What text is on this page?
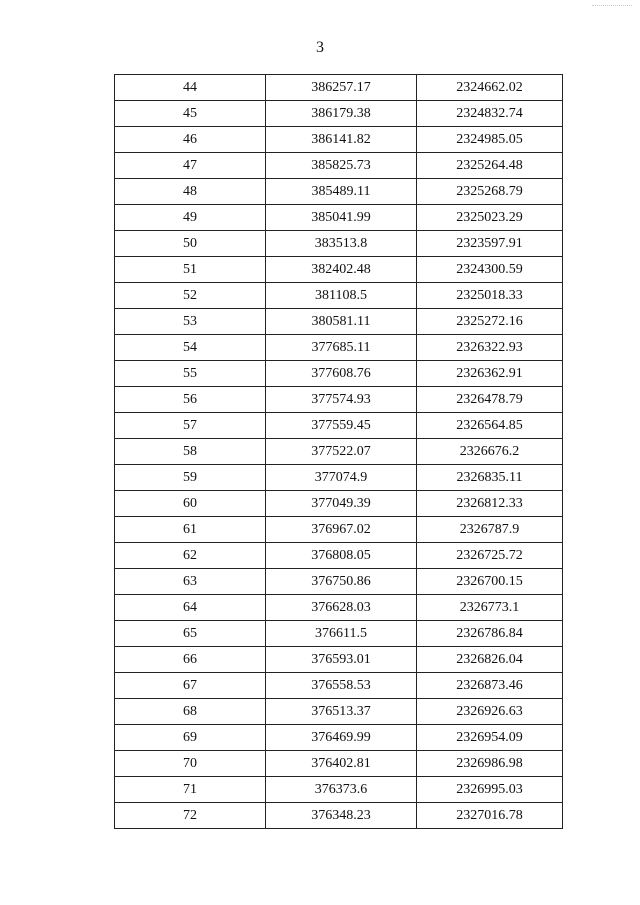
3
44	386257.17	2324662.02
45	386179.38	2324832.74
46	386141.82	2324985.05
47	385825.73	2325264.48
48	385489.11	2325268.79
49	385041.99	2325023.29
50	383513.8	2323597.91
51	382402.48	2324300.59
52	381108.5	2325018.33
53	380581.11	2325272.16
54	377685.11	2326322.93
55	377608.76	2326362.91
56	377574.93	2326478.79
57	377559.45	2326564.85
58	377522.07	2326676.2
59	377074.9	2326835.11
60	377049.39	2326812.33
61	376967.02	2326787.9
62	376808.05	2326725.72
63	376750.86	2326700.15
64	376628.03	2326773.1
65	376611.5	2326786.84
66	376593.01	2326826.04
67	376558.53	2326873.46
68	376513.37	2326926.63
69	376469.99	2326954.09
70	376402.81	2326986.98
71	376373.6	2326995.03
72	376348.23	2327016.78
